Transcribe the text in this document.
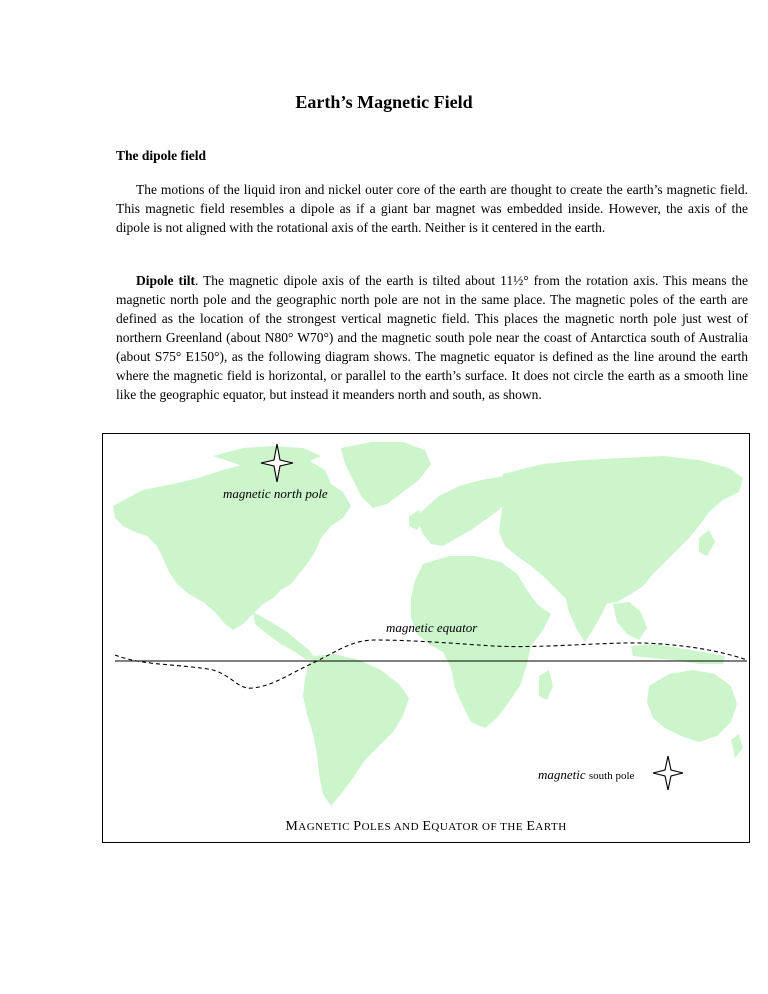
Earth’s Magnetic Field
The dipole field

The motions of the liquid iron and nickel outer core of the earth are thought to create the earth’s magnetic field. This magnetic field resembles a dipole as if a giant bar magnet was embedded inside. However, the axis of the dipole is not aligned with the rotational axis of the earth. Neither is it centered in the earth.

Dipole tilt. The magnetic dipole axis of the earth is tilted about 11½° from the rotation axis. This means the magnetic north pole and the geographic north pole are not in the same place. The magnetic poles of the earth are defined as the location of the strongest vertical magnetic field. This places the magnetic north pole just west of northern Greenland (about N80° W70°) and the magnetic south pole near the coast of Antarctica south of Australia (about S75° E150°), as the following diagram shows. The magnetic equator is defined as the line around the earth where the magnetic field is horizontal, or parallel to the earth’s surface. It does not circle the earth as a smooth line like the geographic equator, but instead it meanders north and south, as shown.

magnetic north pole
magnetic equator
magnetic south pole
MAGNETIC POLES AND EQUATOR OF THE EARTH
